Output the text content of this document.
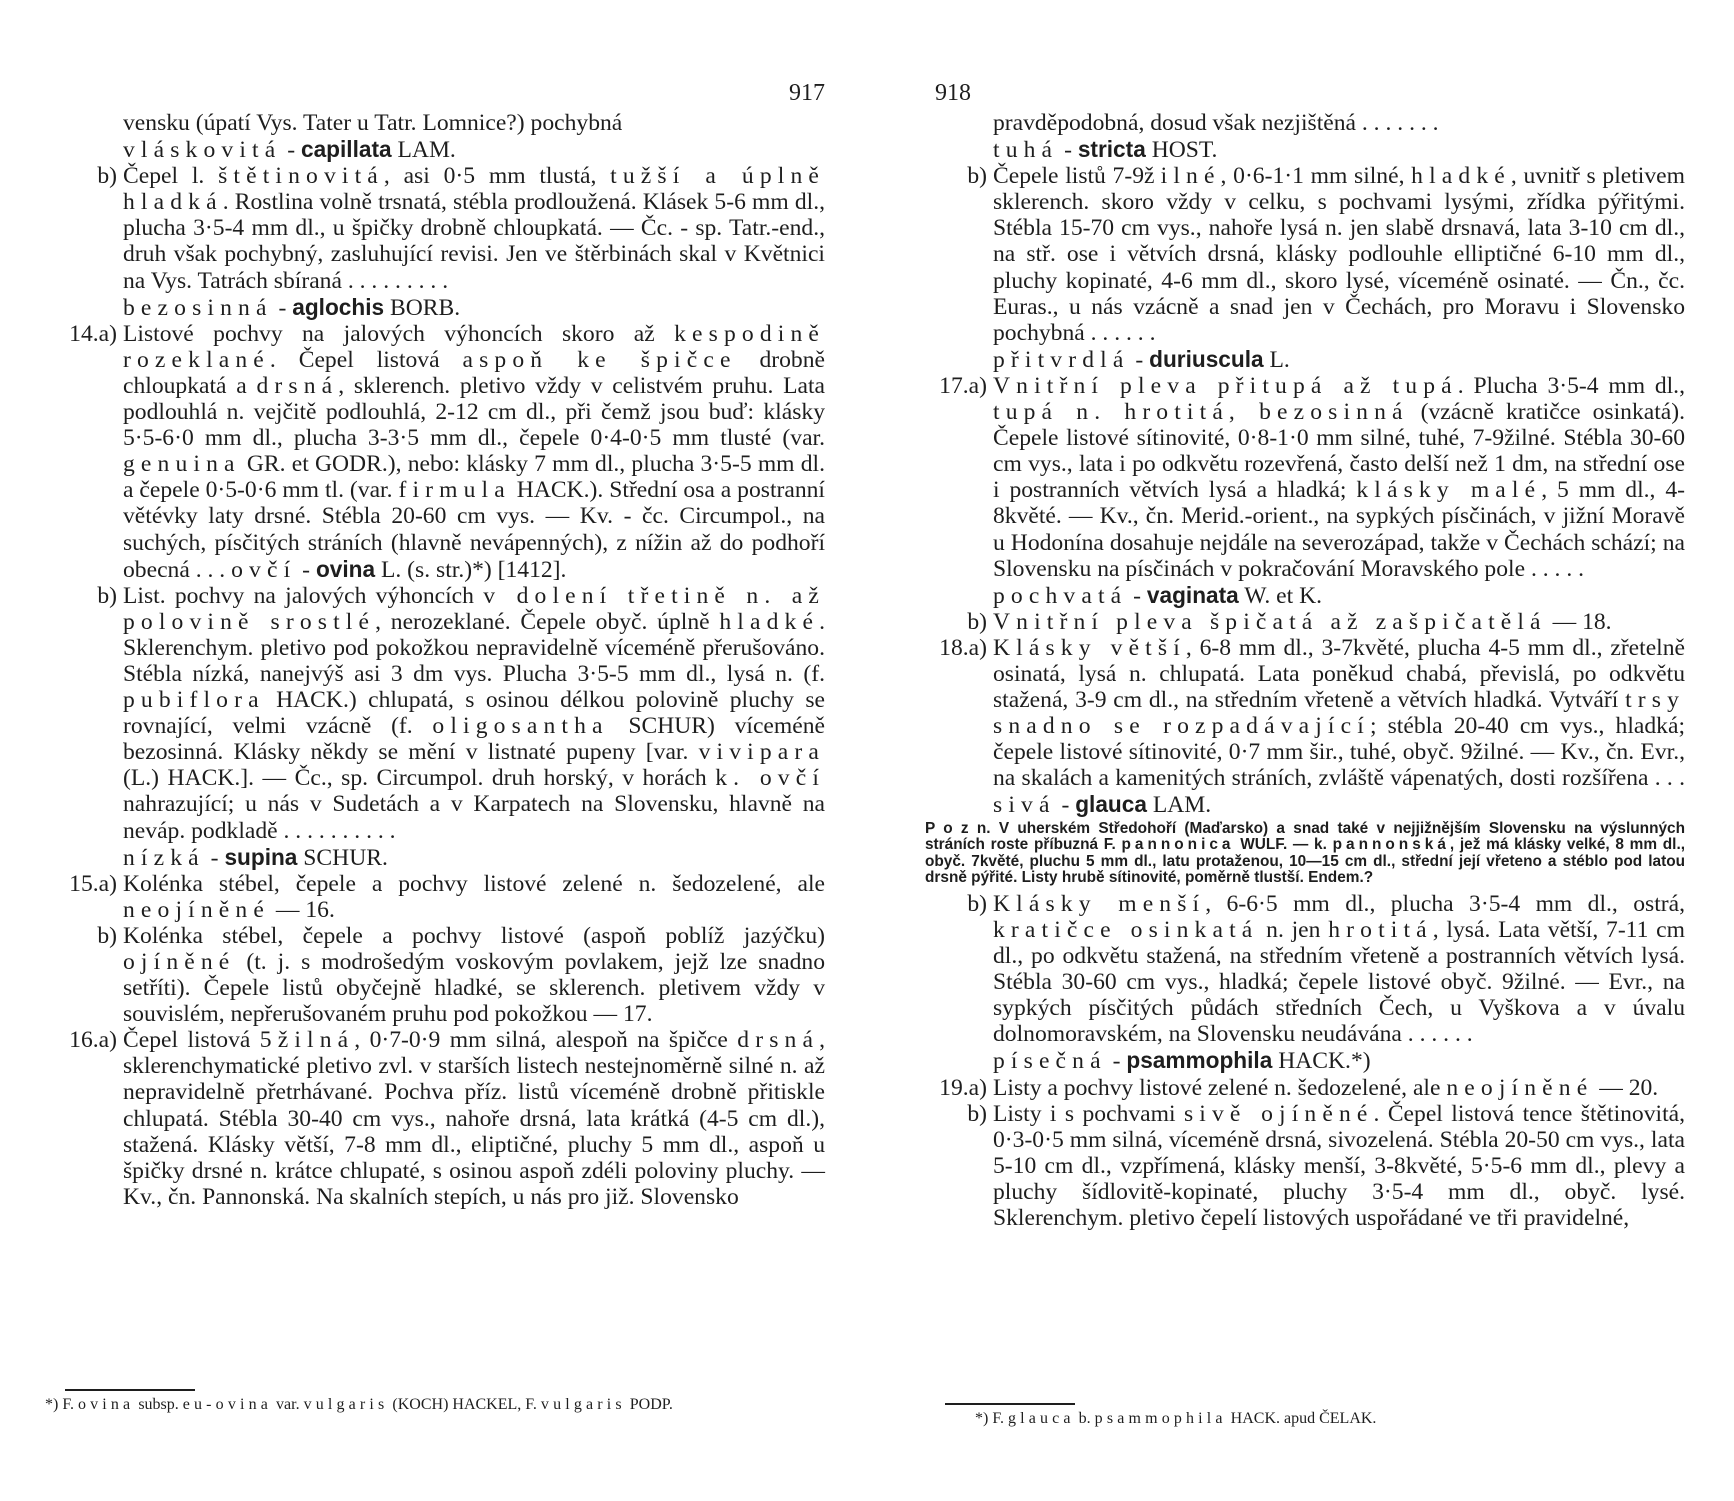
917
vensku (úpatí Vys. Tater u Tatr. Lomnice?) pochybná
vláskovitá - capillata LAM.
b) Čepel l. štětinovitá, asi 0·5 mm tlustá, tužší a úplně hladká. Rostlina volně trsnatá, stébla prodloužená. Klásek 5-6 mm dl., plucha 3·5-4 mm dl., u špičky drobně chloupkatá. — Čc. - sp. Tatr.-end., druh však pochybný, zasluhující revisi. Jen ve štěrbinách skal v Květnici na Vys. Tatrách sbíraná . . . . . . . . .
bezosinná - aglochis BORB.
14.a) Listové pochvy na jalových výhoncích skoro až kespodině rozeklané. Čepel listová aspoň ke špičce drobně chloupkatá a drsná, sklerench. pletivo vždy v celistvém pruhu. Lata podlouhlá n. vejčitě podlouhlá, 2-12 cm dl., při čemž jsou buď: klásky 5·5-6·0 mm dl., plucha 3-3·5 mm dl., čepele 0·4-0·5 mm tlusté (var. genuina GR. et GODR.), nebo: klásky 7 mm dl., plucha 3·5-5 mm dl. a čepele 0·5-0·6 mm tl. (var. firmula HACK.). Střední osa a postranní větévky laty drsné. Stébla 20-60 cm vys. — Kv. - čc. Circumpol., na suchých, písčitých stráních (hlavně nevápenných), z nížin až do podhoří obecná . . . ovčí - ovina L. (s. str.)*) [1412].
b) List. pochvy na jalových výhoncích v dolení třetině n. až polovině srostlé, nerozeklané. Čepele obyč. úplně hladké. Sklerenchym. pletivo pod pokožkou nepravidelně víceméně přerušováno. Stébla nízká, nanejvýš asi 3 dm vys. Plucha 3·5-5 mm dl., lysá n. (f. pubiflora HACK.) chlupatá, s osinou délkou polovině pluchy se rovnající, velmi vzácně (f. oligosantha SCHUR) víceméně bezosinná. Klásky někdy se mění v listnaté pupeny [var. vivipara (L.) HACK.]. — Čc., sp. Circumpol. druh horský, v horách k. ovčí nahrazující; u nás v Sudetách a v Karpatech na Slovensku, hlavně na neváp. podkladě . . . . . . . . . .
nízká - supina SCHUR.
15.a) Kolénka stébel, čepele a pochvy listové zelené n. šedozelené, ale neojíněné — 16.
b) Kolénka stébel, čepele a pochvy listové (aspoň poblíž jazýčku) ojíněné (t. j. s modrošedým voskovým povlakem, jejž lze snadno setříti). Čepele listů obyčejně hladké, se sklerench. pletivem vždy v souvislém, nepřerušovaném pruhu pod pokožkou — 17.
16.a) Čepel listová 5žilná, 0·7-0·9 mm silná, alespoň na špičce drsná, sklerenchymatické pletivo zvl. v starších listech nestejnoměrně silné n. až nepravidelně přetrhávané. Pochva příz. listů víceméně drobně přitiskle chlupatá. Stébla 30-40 cm vys., nahoře drsná, lata krátká (4-5 cm dl.), stažená. Klásky větší, 7-8 mm dl., eliptičné, pluchy 5 mm dl., aspoň u špičky drsné n. krátce chlupaté, s osinou aspoň zdéli poloviny pluchy. — Kv., čn. Pannonská. Na skalních stepích, u nás pro již. Slovensko
*) F. ovina subsp. eu-ovina var. vulgaris (KOCH) HACKEL, F. vulgaris PODP.
918
pravděpodobná, dosud však nezjištěná . . . . . . .
tuhá - stricta HOST.
b) Čepele listů 7-9žilné, 0·6-1·1 mm silné, hladké, uvnitř s pletivem sklerench. skoro vždy v celku, s pochvami lysými, zřídka pýřitými. Stébla 15-70 cm vys., nahoře lysá n. jen slabě drsnavá, lata 3-10 cm dl., na stř. ose i větvích drsná, klásky podlouhle elliptičné 6-10 mm dl., pluchy kopinaté, 4-6 mm dl., skoro lysé, víceméně osinaté. — Čn., čc. Euras., u nás vzácně a snad jen v Čechách, pro Moravu i Slovensko pochybná . . . . . .
přitvrdlá - duriuscula L.
17.a) Vnitřní pleva přitupá až tupá. Plucha 3·5-4 mm dl., tupá n. hrotitá, bezosinná (vzácně kratičce osinkatá). Čepele listové sítinovité, 0·8-1·0 mm silné, tuhé, 7-9žilné. Stébla 30-60 cm vys., lata i po odkvětu rozevřená, často delší než 1 dm, na střední ose i postranních větvích lysá a hladká; klásky malé, 5 mm dl., 4-8květé. — Kv., čn. Merid.-orient., na sypkých písčinách, v jižní Moravě u Hodonína dosahuje nejdále na severozápad, takže v Čechách schází; na Slovensku na písčinách v pokračování Moravského pole . . . . .
pochvatá - vaginata W. et K.
b) Vnitřní pleva špičatá až zašpičatělá — 18.
18.a) Klásky větší, 6-8 mm dl., 3-7květé, plucha 4-5 mm dl., zřetelně osinatá, lysá n. chlupatá. Lata poněkud chabá, převislá, po odkvětu stažená, 3-9 cm dl., na středním vřeteně a větvích hladká. Vytváří trsy snadno se rozpadávající; stébla 20-40 cm vys., hladká; čepele listové sítinovité, 0·7 mm šir., tuhé, obyč. 9žilné. — Kv., čn. Evr., na skalách a kamenitých stráních, zvláště vápenatých, dosti rozšířena . . . sivá - glauca LAM.
P o z n. V uherském Středohoří (Maďarsko) a snad také v nejjižnějším Slovensku na výslunných stráních roste příbuzná F. pannonica WULF. — k. pannonská, jež má klásky velké, 8 mm dl., obyč. 7květé, pluchu 5 mm dl., latu protaženou, 10—15 cm dl., střední její vřeteno a stéblo pod latou drsně pýřité. Listy hrubě sítinovité, poměrně tlustší. Endem.?
b) Klásky menší, 6-6·5 mm dl., plucha 3·5-4 mm dl., ostrá, kratičce osinkatá n. jen hrotitá, lysá. Lata větší, 7-11 cm dl., po odkvětu stažená, na středním vřeteně a postranních větvích lysá. Stébla 30-60 cm vys., hladká; čepele listové obyč. 9žilné. — Evr., na sypkých písčitých půdách středních Čech, u Vyškova a v úvalu dolnomoravském, na Slovensku neudávána . . . . . .
písečná - psammophila HACK.*)
19.a) Listy a pochvy listové zelené n. šedozelené, ale neojíněné — 20.
b) Listy i s pochvami sivě ojíněné. Čepel listová tence štětinovitá, 0·3-0·5 mm silná, víceméně drsná, sivozelená. Stébla 20-50 cm vys., lata 5-10 cm dl., vzpřímená, klásky menší, 3-8květé, 5·5-6 mm dl., plevy a pluchy šídlovitě-kopinaté, pluchy 3·5-4 mm dl., obyč. lysé. Sklerenchym. pletivo čepelí listových uspořádané ve tři pravidelné,
*) F. glauca b. psammophila HACK. apud ČELAK.
